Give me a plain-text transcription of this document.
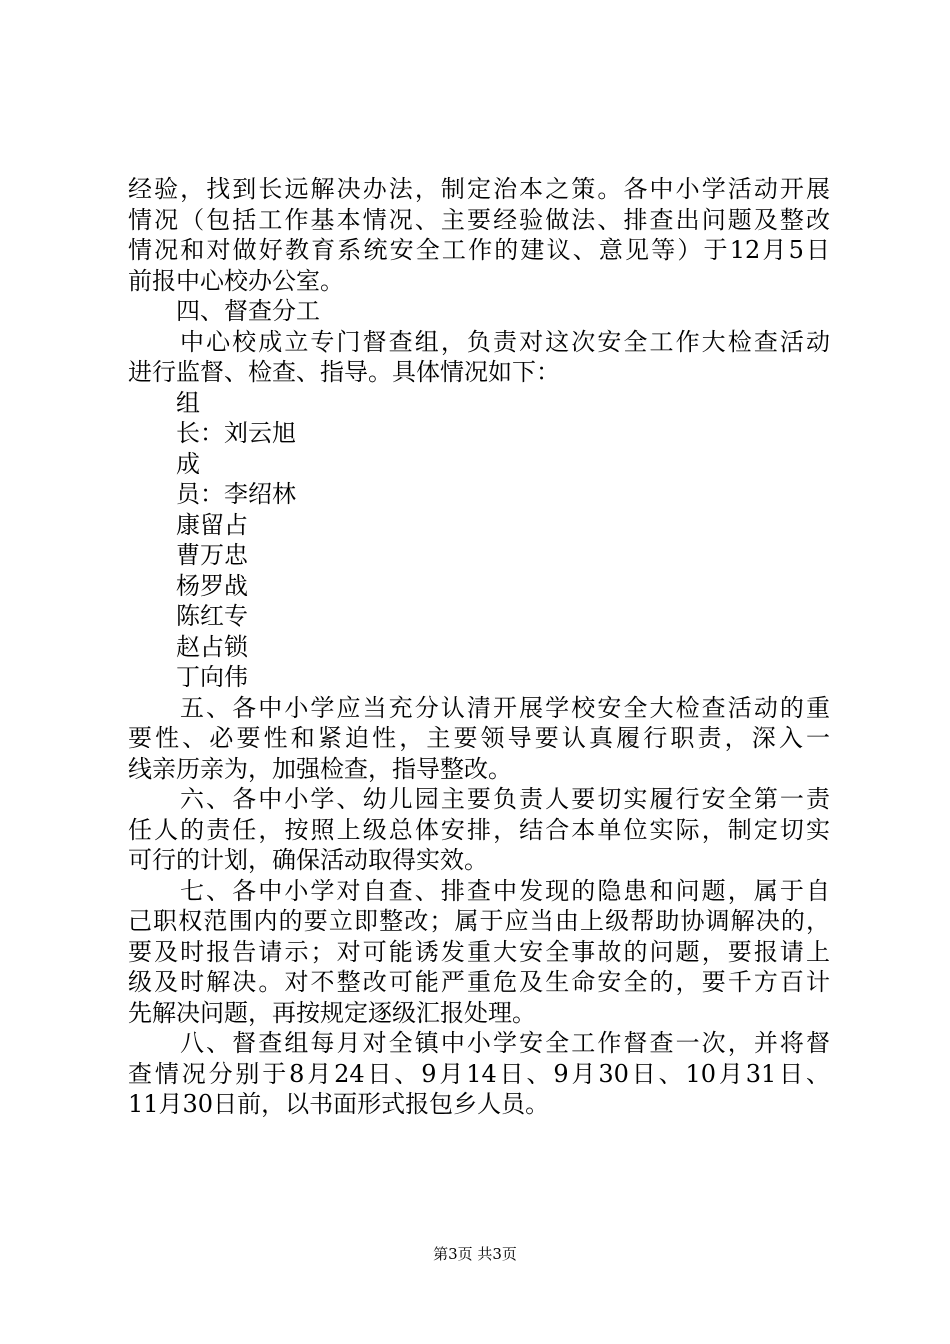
经验，找到长远解决办法，制定治本之策。各中小学活动开展
情况（包括工作基本情况、主要经验做法、排查出问题及整改
情况和对做好教育系统安全工作的建议、意见等）于12月5日
前报中心校办公室。
四、督查分工
中心校成立专门督查组，负责对这次安全工作大检查活动
进行监督、检查、指导。具体情况如下：
组
长：刘云旭
成
员：李绍林
康留占
曹万忠
杨罗战
陈红专
赵占锁
丁向伟
五、各中小学应当充分认清开展学校安全大检查活动的重
要性、必要性和紧迫性，主要领导要认真履行职责，深入一
线亲历亲为，加强检查，指导整改。
六、各中小学、幼儿园主要负责人要切实履行安全第一责
任人的责任，按照上级总体安排，结合本单位实际，制定切实
可行的计划，确保活动取得实效。
七、各中小学对自查、排查中发现的隐患和问题，属于自
己职权范围内的要立即整改；属于应当由上级帮助协调解决的，
要及时报告请示；对可能诱发重大安全事故的问题，要报请上
级及时解决。对不整改可能严重危及生命安全的，要千方百计
先解决问题，再按规定逐级汇报处理。
八、督查组每月对全镇中小学安全工作督查一次，并将督
查情况分别于8月24日、9月14日、9月30日、10月31日、
11月30日前，以书面形式报包乡人员。
第3页 共3页
